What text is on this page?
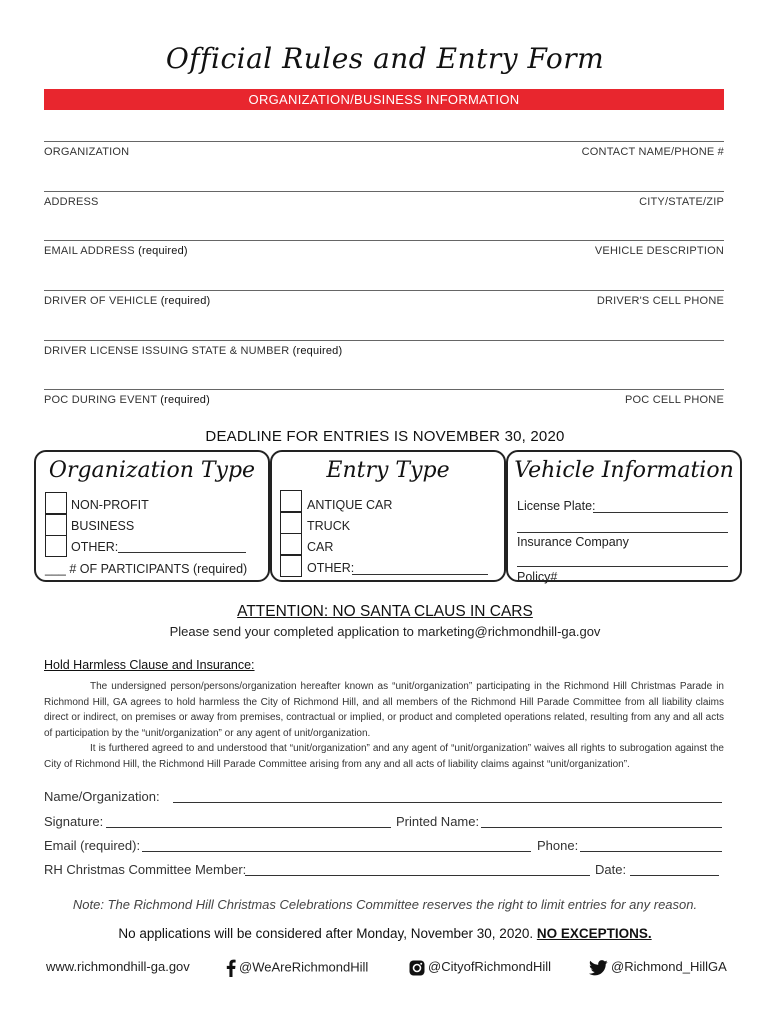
Official Rules and Entry Form
ORGANIZATION/BUSINESS INFORMATION
ORGANIZATION	CONTACT NAME/PHONE #
ADDRESS	CITY/STATE/ZIP
EMAIL ADDRESS (required)	VEHICLE DESCRIPTION
DRIVER OF VEHICLE (required)	DRIVER'S CELL PHONE
DRIVER LICENSE ISSUING STATE & NUMBER (required)
POC DURING EVENT (required)	POC CELL PHONE
DEADLINE FOR ENTRIES IS NOVEMBER 30, 2020
Organization Type
NON-PROFIT
BUSINESS
OTHER:
___ # OF PARTICIPANTS (required)
Entry Type
ANTIQUE CAR
TRUCK
CAR
OTHER:
Vehicle Information
License Plate:
Insurance Company
Policy#
ATTENTION: NO SANTA CLAUS IN CARS
Please send your completed application to marketing@richmondhill-ga.gov
Hold Harmless Clause and Insurance:
The undersigned person/persons/organization hereafter known as “unit/organization” participating in the Richmond Hill Christmas Parade in Richmond Hill, GA agrees to hold harmless the City of Richmond Hill, and all members of the Richmond Hill Parade Committee from all liability claims direct or indirect, on premises or away from premises, contractual or implied, or product and completed operations related, resulting from any and all acts of participation by the “unit/organization” or any agent of unit/organization.
It is furthered agreed to and understood that “unit/organization” and any agent of “unit/organization” waives all rights to subrogation against the City of Richmond Hill, the Richmond Hill Parade Committee arising from any and all acts of liability claims against “unit/organization”.
Name/Organization:
Signature:	Printed Name:
Email (required):	Phone:
RH Christmas Committee Member:	Date:
Note: The Richmond Hill Christmas Celebrations Committee reserves the right to limit entries for any reason.
No applications will be considered after Monday, November 30, 2020. NO EXCEPTIONS.
www.richmondhill-ga.gov	@WeAreRichmondHill	@CityofRichmondHill	@Richmond_HillGA
